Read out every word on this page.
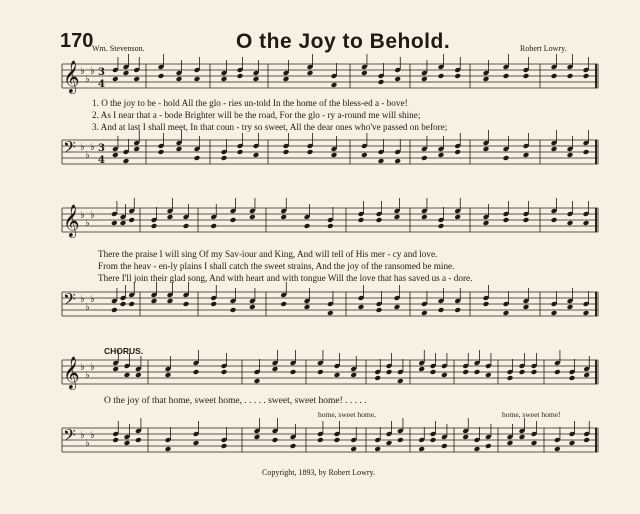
170	O the Joy to Behold.
Wm. Stevenson.	Robert Lowry.
𝄞 ♭
♭
♭ 3
4
𝄢 ♭
♭
♭ 3
4
𝄞 ♭
♭
♭
𝄢 ♭
♭
♭
𝄞 ♭
♭
♭
𝄢 ♭
♭
♭
1. O the joy to be - hold All the glo - ries un-told In the home of the bless-ed a - bove!
2. As I near that a - bode Brighter will be the road, For the glo - ry a-round me will shine;
3. And at last I shall meet, In that coun - try so sweet, All the dear ones who've passed on before;
There the praise I will sing Of my Sav-iour and King, And will tell of His mer - cy and love.
From the heav - en-ly plains I shall catch the sweet strains, And the joy of the ransomed be mine.
There I'll join their glad song, And with heart and with tongue Will the love that has saved us a - dore.
CHORUS.
O the joy of that home, sweet home, . . . . . sweet, sweet home! . . . . .
home, sweet home,	home, sweet home!
Copyright, 1893, by Robert Lowry.
